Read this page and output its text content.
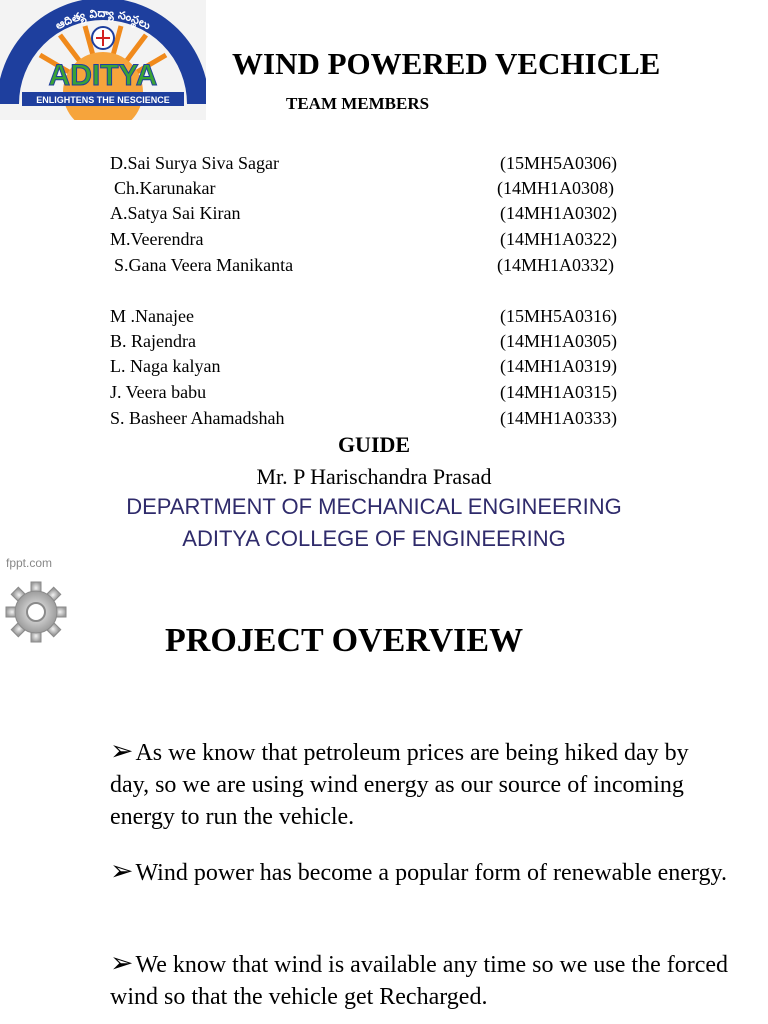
ఆదిత్య విద్యా సంస్థలు
ADITYA
ENLIGHTENS THE NESCIENCE
WIND POWERED VECHICLE
TEAM MEMBERS
D.Sai Surya Siva Sagar	(15MH5A0306)
Ch.Karunakar	(14MH1A0308)
A.Satya Sai Kiran	(14MH1A0302)
M.Veerendra	(14MH1A0322)
S.Gana Veera Manikanta	(14MH1A0332)
M .Nanajee	(15MH5A0316)
B. Rajendra	(14MH1A0305)
L. Naga kalyan	(14MH1A0319)
J. Veera babu	(14MH1A0315)
S. Basheer Ahamadshah	(14MH1A0333)
GUIDE
Mr. P Harischandra Prasad
DEPARTMENT OF MECHANICAL ENGINEERING
ADITYA COLLEGE OF ENGINEERING
fppt.com
PROJECT OVERVIEW
➢As we know that petroleum prices are being hiked day by day, so we are using wind energy as our source of incoming energy to run the vehicle.
➢Wind power has become a popular form of renewable energy.
➢We know that wind is available any time so we use the forced wind so that the vehicle get Recharged.
